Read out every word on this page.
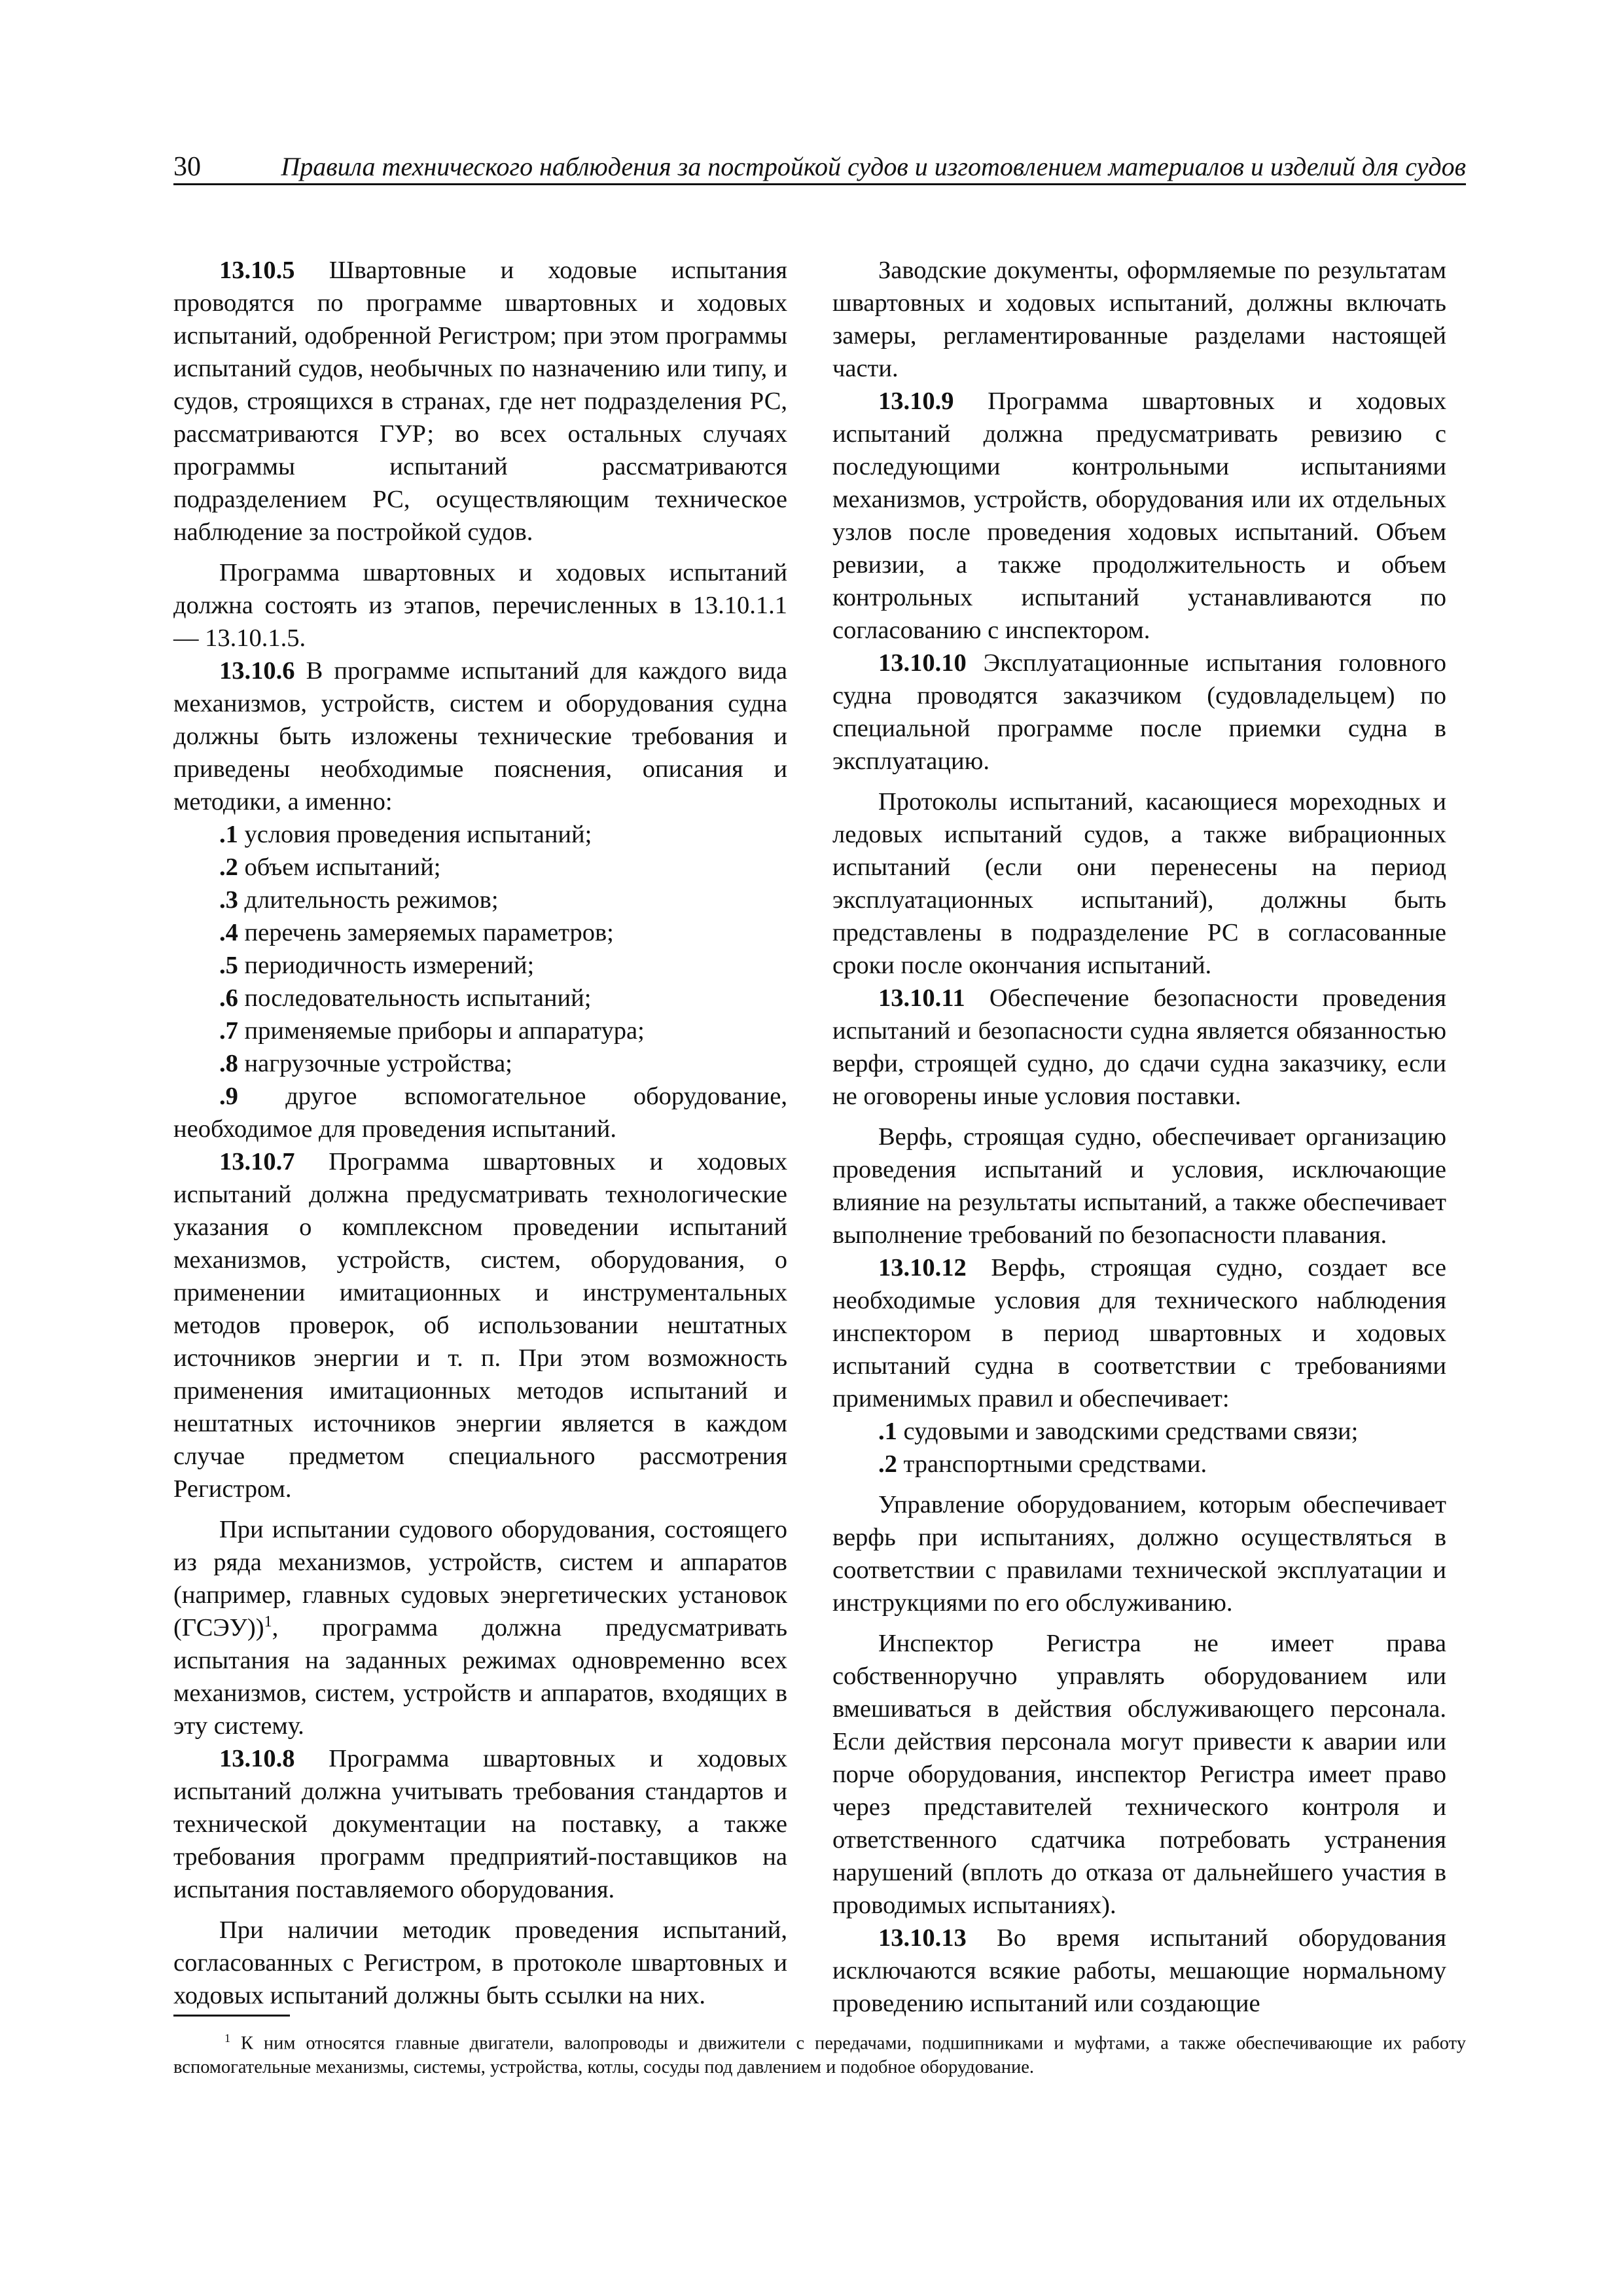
30	Правила технического наблюдения за постройкой судов и изготовлением материалов и изделий для судов

13.10.5 Швартовные и ходовые испытания проводятся по программе швартовных и ходовых испытаний, одобренной Регистром; при этом программы испытаний судов, необычных по назначению или типу, и судов, строящихся в странах, где нет подразделения РС, рассматриваются ГУР; во всех остальных случаях программы испытаний рассматриваются подразделением РС, осуществляющим техническое наблюдение за постройкой судов.

Программа швартовных и ходовых испытаний должна состоять из этапов, перечисленных в 13.10.1.1 — 13.10.1.5.

13.10.6 В программе испытаний для каждого вида механизмов, устройств, систем и оборудования судна должны быть изложены технические требования и приведены необходимые пояснения, описания и методики, а именно:

.1 условия проведения испытаний;

.2 объем испытаний;

.3 длительность режимов;

.4 перечень замеряемых параметров;

.5 периодичность измерений;

.6 последовательность испытаний;

.7 применяемые приборы и аппаратура;

.8 нагрузочные устройства;

.9 другое вспомогательное оборудование, необходимое для проведения испытаний.

13.10.7 Программа швартовных и ходовых испытаний должна предусматривать технологические указания о комплексном проведении испытаний механизмов, устройств, систем, оборудования, о применении имитационных и инструментальных методов проверок, об использовании нештатных источников энергии и т. п. При этом возможность применения имитационных методов испытаний и нештатных источников энергии является в каждом случае предметом специального рассмотрения Регистром.

При испытании судового оборудования, состоящего из ряда механизмов, устройств, систем и аппаратов (например, главных судовых энергетических установок (ГСЭУ))$^1$, программа должна предусматривать испытания на заданных режимах одновременно всех механизмов, систем, устройств и аппаратов, входящих в эту систему.

13.10.8 Программа швартовных и ходовых испытаний должна учитывать требования стандартов и технической документации на поставку, а также требования программ предприятий-поставщиков на испытания поставляемого оборудования.

При наличии методик проведения испытаний, согласованных с Регистром, в протоколе швартовных и ходовых испытаний должны быть ссылки на них.

Заводские документы, оформляемые по результатам швартовных и ходовых испытаний, должны включать замеры, регламентированные разделами настоящей части.

13.10.9 Программа швартовных и ходовых испытаний должна предусматривать ревизию с последующими контрольными испытаниями механизмов, устройств, оборудования или их отдельных узлов после проведения ходовых испытаний. Объем ревизии, а также продолжительность и объем контрольных испытаний устанавливаются по согласованию с инспектором.

13.10.10 Эксплуатационные испытания головного судна проводятся заказчиком (судовладельцем) по специальной программе после приемки судна в эксплуатацию.

Протоколы испытаний, касающиеся мореходных и ледовых испытаний судов, а также вибрационных испытаний (если они перенесены на период эксплуатационных испытаний), должны быть представлены в подразделение РС в согласованные сроки после окончания испытаний.

13.10.11 Обеспечение безопасности проведения испытаний и безопасности судна является обязанностью верфи, строящей судно, до сдачи судна заказчику, если не оговорены иные условия поставки.

Верфь, строящая судно, обеспечивает организацию проведения испытаний и условия, исключающие влияние на результаты испытаний, а также обеспечивает выполнение требований по безопасности плавания.

13.10.12 Верфь, строящая судно, создает все необходимые условия для технического наблюдения инспектором в период швартовных и ходовых испытаний судна в соответствии с требованиями применимых правил и обеспечивает:

.1 судовыми и заводскими средствами связи;

.2 транспортными средствами.

Управление оборудованием, которым обеспечивает верфь при испытаниях, должно осуществляться в соответствии с правилами технической эксплуатации и инструкциями по его обслуживанию.

Инспектор Регистра не имеет права собственноручно управлять оборудованием или вмешиваться в действия обслуживающего персонала. Если действия персонала могут привести к аварии или порче оборудования, инспектор Регистра имеет право через представителей технического контроля и ответственного сдатчика потребовать устранения нарушений (вплоть до отказа от дальнейшего участия в проводимых испытаниях).

13.10.13 Во время испытаний оборудования исключаются всякие работы, мешающие нормальному проведению испытаний или создающие

$^1$ К ним относятся главные двигатели, валопроводы и движители с передачами, подшипниками и муфтами, а также обеспечивающие их работу вспомогательные механизмы, системы, устройства, котлы, сосуды под давлением и подобное оборудование.
